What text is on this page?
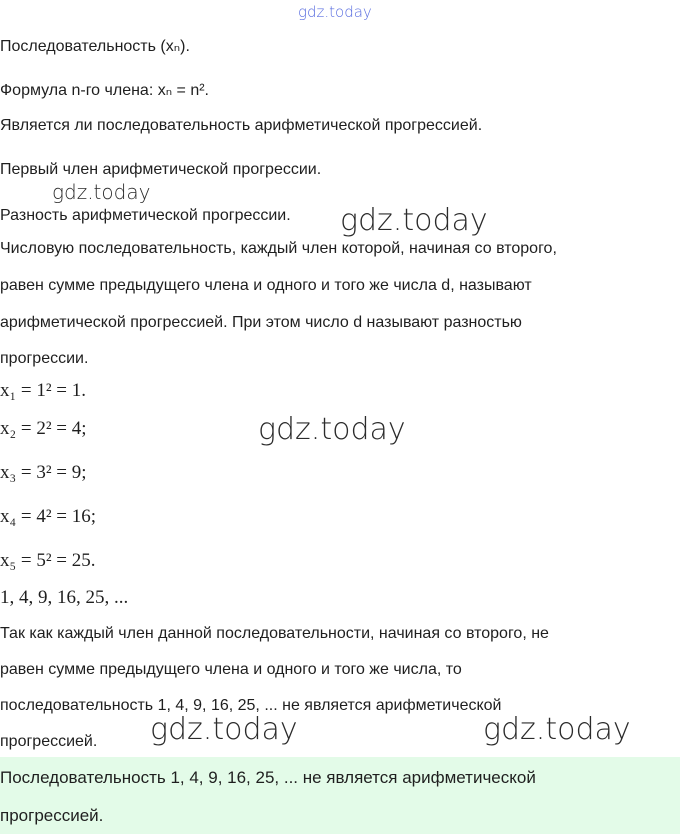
gdz.today
Последовательность (xₙ).
Формула n-го члена: xₙ = n².
Является ли последовательность арифметической прогрессией.
Первый член арифметической прогрессии.
gdz.today
Разность арифметической прогрессии. gdz.today
Числовую последовательность, каждый член которой, начиная со второго,
равен сумме предыдущего члена и одного и того же числа d, называют
арифметической прогрессией. При этом число d называют разностью
прогрессии.
x₁ = 1² = 1.
x₂ = 2² = 4;	gdz.today
x₃ = 3² = 9;
x₄ = 4² = 16;
x₅ = 5² = 25.
1, 4, 9, 16, 25, ...
Так как каждый член данной последовательности, начиная со второго, не
равен сумме предыдущего члена и одного и того же числа, то
последовательность 1, 4, 9, 16, 25, ... не является арифметической
прогрессией. gdz.today	gdz.today
Последовательность 1, 4, 9, 16, 25, ... не является арифметической
прогрессией.
